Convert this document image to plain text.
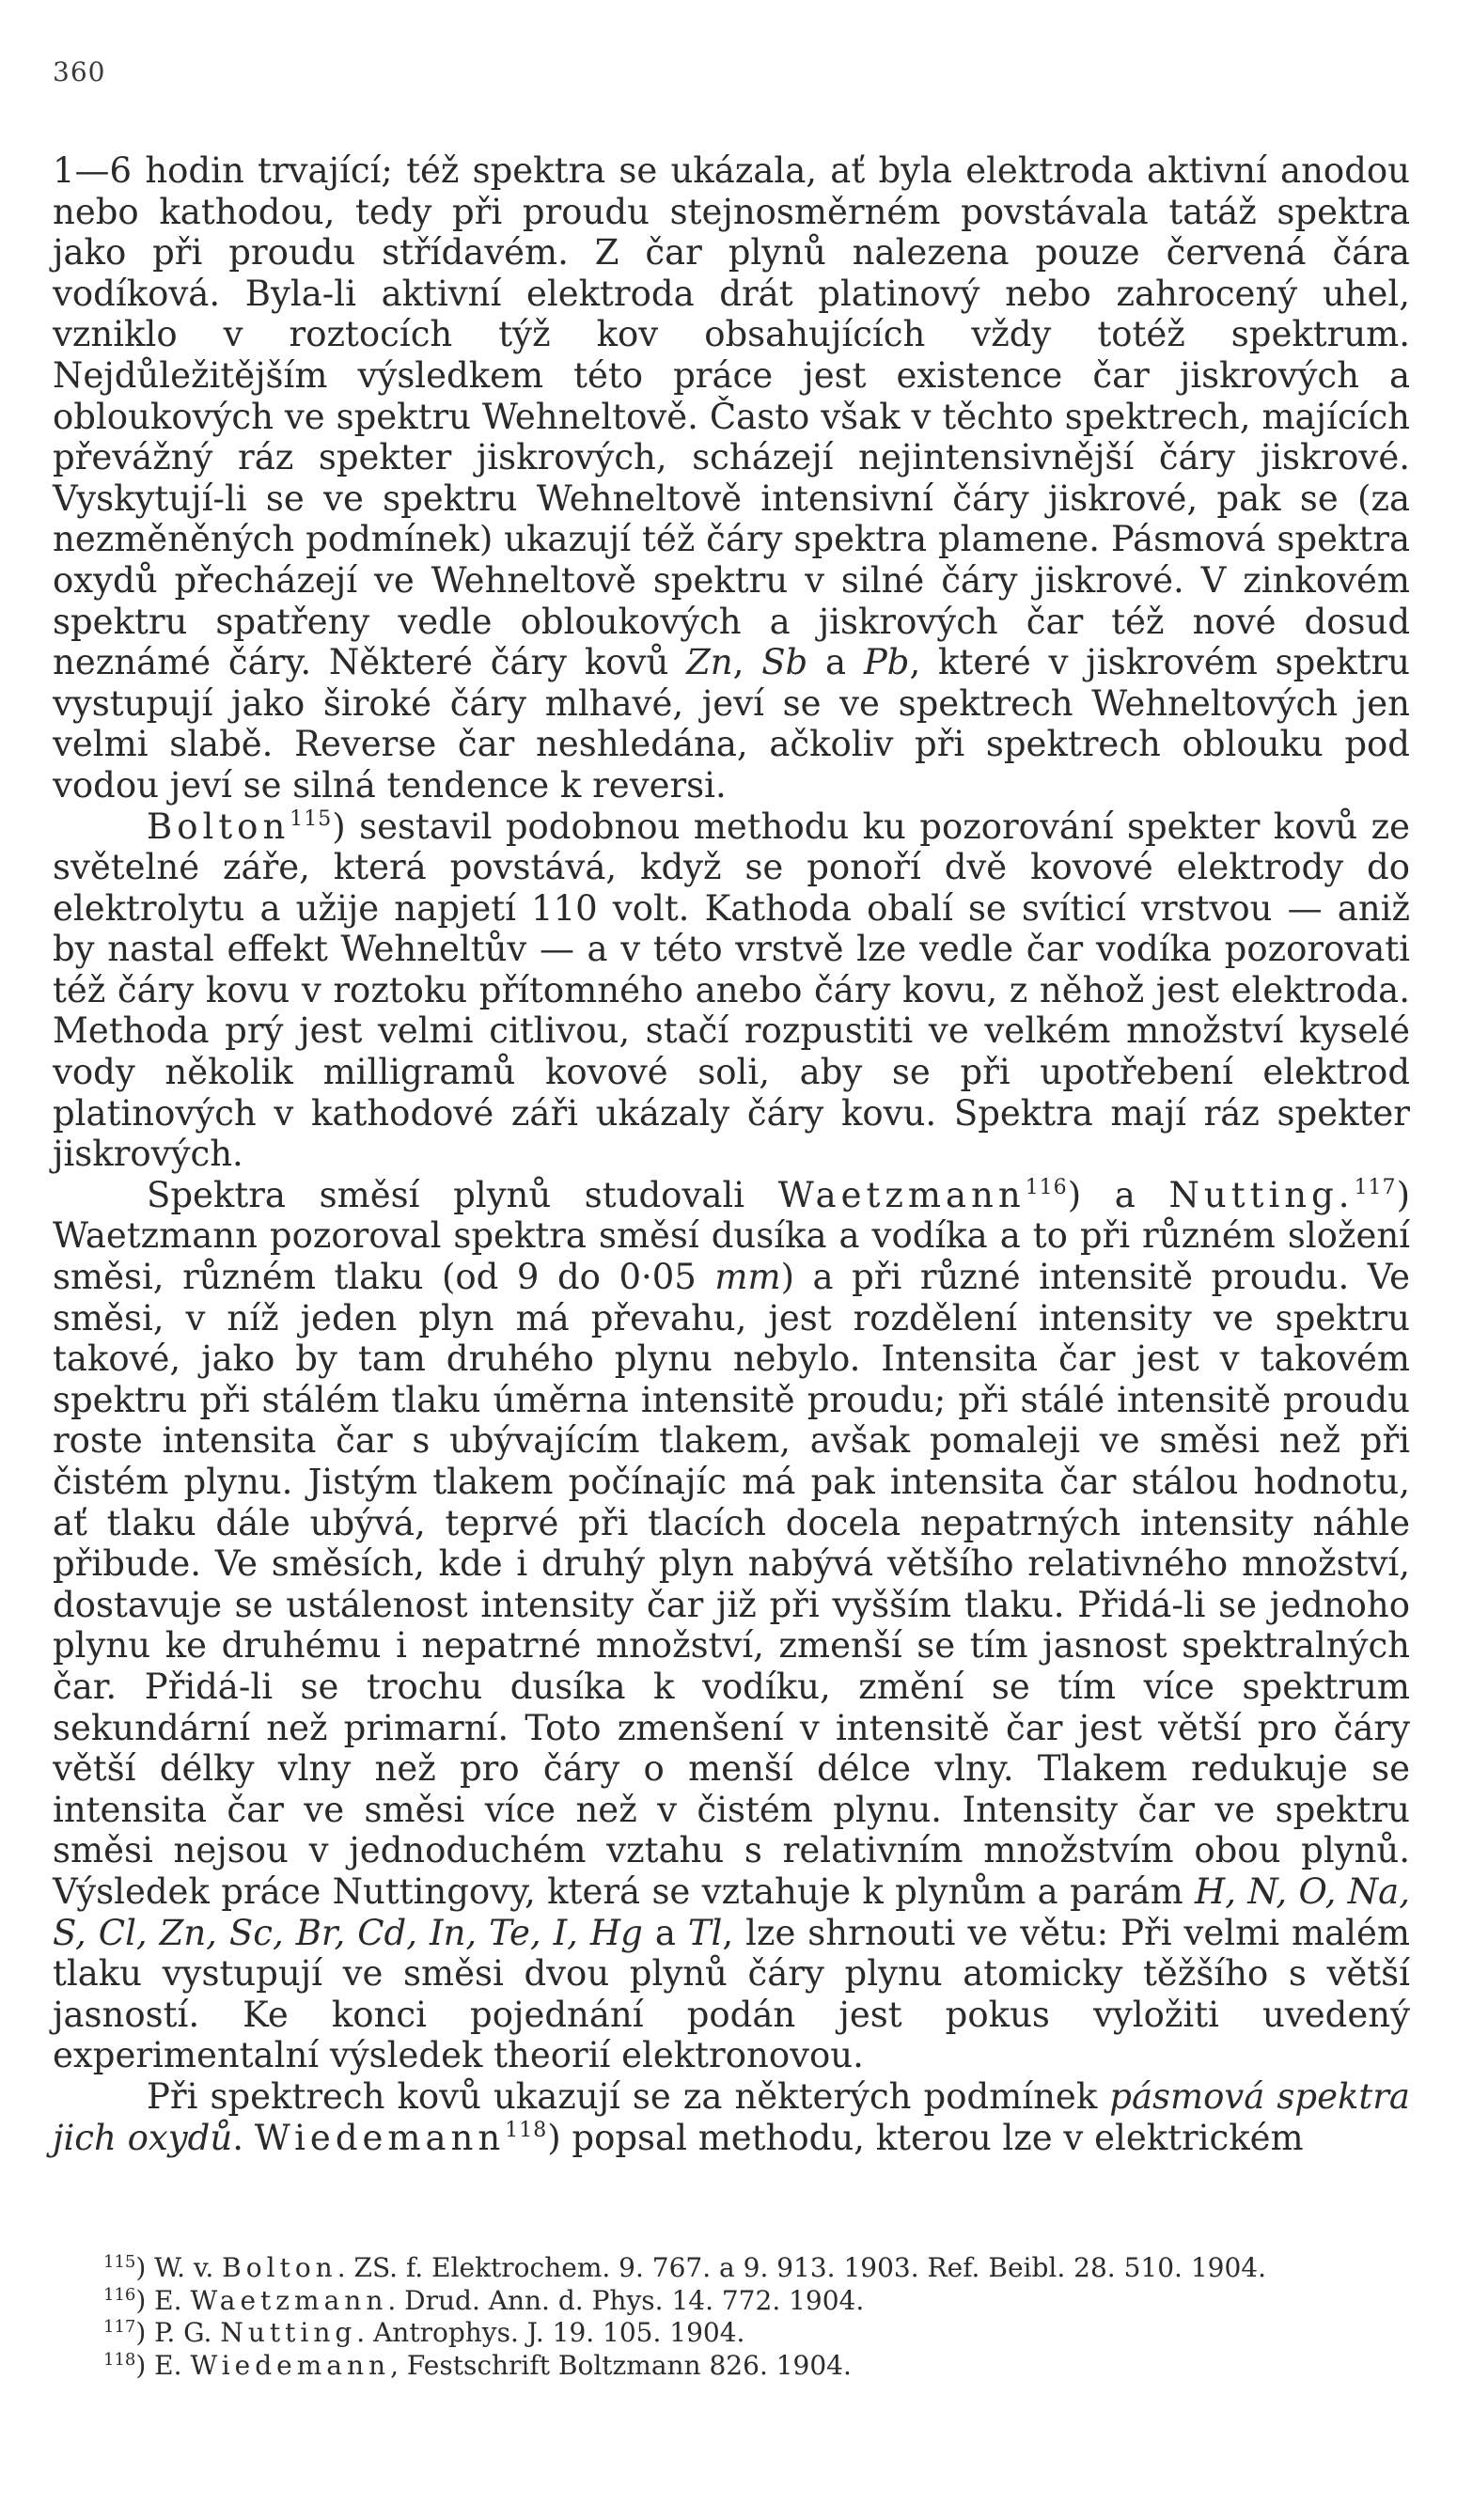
360

1—6 hodin trvající; též spektra se ukázala, ať byla elektroda aktivní anodou nebo kathodou, tedy při proudu stejnosměrném povstávala tatáž spektra jako při proudu střídavém. Z čar plynů nalezena pouze červená čára vodíková. Byla-li aktivní elektroda drát platinový nebo zahrocený uhel, vzniklo v roztocích týž kov obsahujících vždy totéž spektrum. Nejdůležitějším výsledkem této práce jest existence čar jiskrových a obloukových ve spektru Wehneltově. Často však v těchto spektrech, majících převážný ráz spekter jiskrových, scházejí nejintensivnější čáry jiskrové. Vyskytují-li se ve spektru Wehneltově intensivní čáry jiskrové, pak se (za nezměněných podmínek) ukazují též čáry spektra plamene. Pásmová spektra oxydů přecházejí ve Wehneltově spektru v silné čáry jiskrové. V zinkovém spektru spatřeny vedle obloukových a jiskrových čar též nové dosud neznámé čáry. Některé čáry kovů Zn, Sb a Pb, které v jiskrovém spektru vystupují jako široké čáry mlhavé, jeví se ve spektrech Wehneltových jen velmi slabě. Reverse čar neshledána, ačkoliv při spektrech oblouku pod vodou jeví se silná tendence k reversi.

Bolton$^{115}$) sestavil podobnou methodu ku pozorování spekter kovů ze světelné záře, která povstává, když se ponoří dvě kovové elektrody do elektrolytu a užije napjetí 110 volt. Kathoda obalí se svíticí vrstvou — aniž by nastal effekt Wehneltův — a v této vrstvě lze vedle čar vodíka pozorovati též čáry kovu v roztoku přítomného anebo čáry kovu, z něhož jest elektroda. Methoda prý jest velmi citlivou, stačí rozpustiti ve velkém množství kyselé vody několik milligramů kovové soli, aby se při upotřebení elektrod platinových v kathodové záři ukázaly čáry kovu. Spektra mají ráz spekter jiskrových.

Spektra směsí plynů studovali Waetzmann$^{116}$) a Nutting.$^{117}$) Waetzmann pozoroval spektra směsí dusíka a vodíka a to při různém složení směsi, různém tlaku (od 9 do 0·05 mm) a při různé intensitě proudu. Ve směsi, v níž jeden plyn má převahu, jest rozdělení intensity ve spektru takové, jako by tam druhého plynu nebylo. Intensita čar jest v takovém spektru při stálém tlaku úměrna intensitě proudu; při stálé intensitě proudu roste intensita čar s ubývajícím tlakem, avšak pomaleji ve směsi než při čistém plynu. Jistým tlakem počínajíc má pak intensita čar stálou hodnotu, ať tlaku dále ubývá, teprvé při tlacích docela nepatrných intensity náhle přibude. Ve směsích, kde i druhý plyn nabývá většího relativného množství, dostavuje se ustálenost intensity čar již při vyšším tlaku. Přidá-li se jednoho plynu ke druhému i nepatrné množství, zmenší se tím jasnost spektralných čar. Přidá-li se trochu dusíka k vodíku, změní se tím více spektrum sekundární než primarní. Toto zmenšení v intensitě čar jest větší pro čáry větší délky vlny než pro čáry o menší délce vlny. Tlakem redukuje se intensita čar ve směsi více než v čistém plynu. Intensity čar ve spektru směsi nejsou v jednoduchém vztahu s relativním množstvím obou plynů. Výsledek práce Nuttingovy, která se vztahuje k plynům a parám H, N, O, Na, S, Cl, Zn, Sc, Br, Cd, In, Te, I, Hg a Tl, lze shrnouti ve větu: Při velmi malém tlaku vystupují ve směsi dvou plynů čáry plynu atomicky těžšího s větší jasností. Ke konci pojednání podán jest pokus vyložiti uvedený experimentalní výsledek theorií elektronovou.

Při spektrech kovů ukazují se za některých podmínek pásmová spektra jich oxydů. Wiedemann$^{118}$) popsal methodu, kterou lze v elektrickém

$^{115}$) W. v. Bolton. ZS. f. Elektrochem. 9. 767. a 9. 913. 1903. Ref. Beibl. 28. 510. 1904.

$^{116}$) E. Waetzmann. Drud. Ann. d. Phys. 14. 772. 1904.

$^{117}$) P. G. Nutting. Antrophys. J. 19. 105. 1904.

$^{118}$) E. Wiedemann, Festschrift Boltzmann 826. 1904.
